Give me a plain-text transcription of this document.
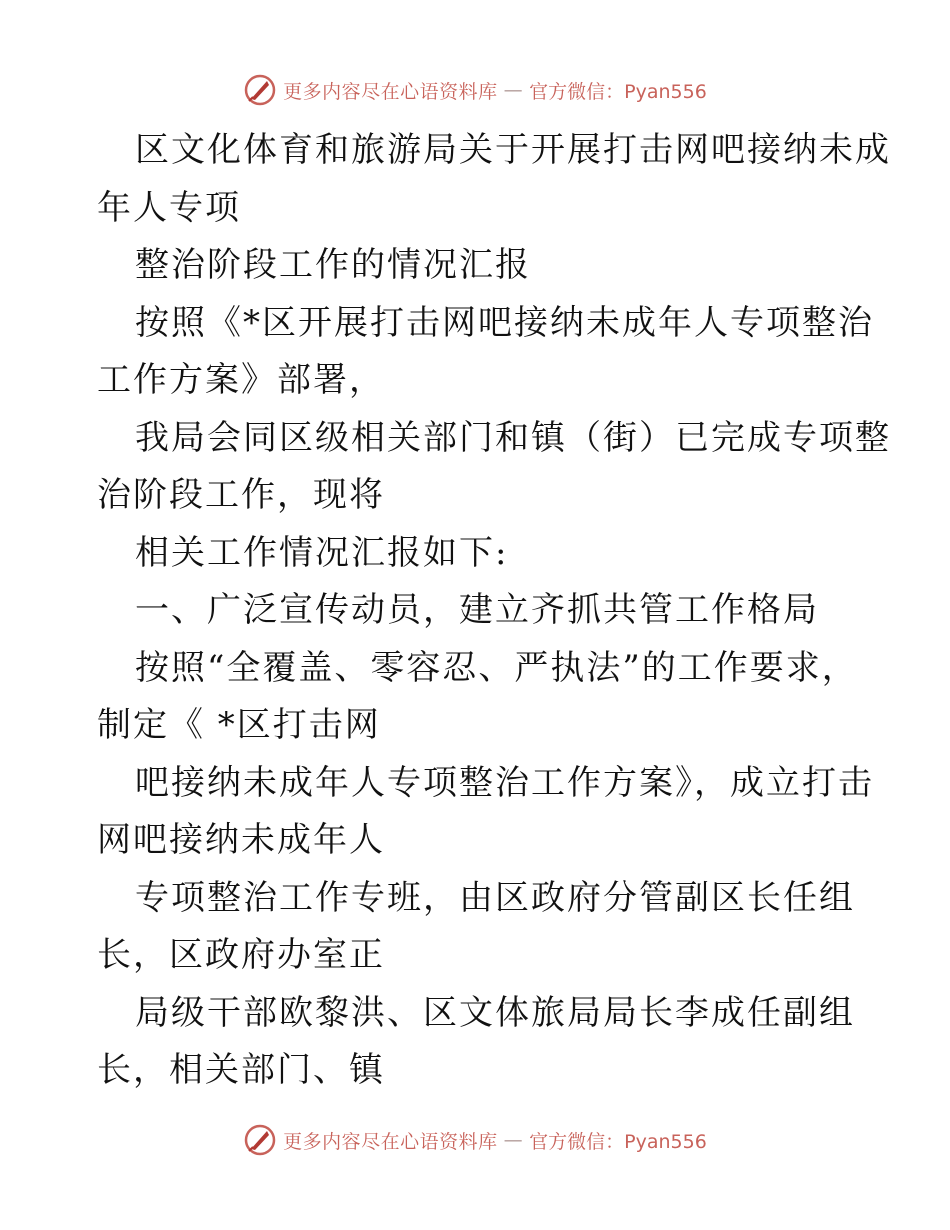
更多内容尽在心语资料库 — 官方微信：Pyan556
区文化体育和旅游局关于开展打击网吧接纳未成
年人专项
整治阶段工作的情况汇报
按照《*区开展打击网吧接纳未成年人专项整治
工作方案》部署，
我局会同区级相关部门和镇（街）已完成专项整
治阶段工作，现将
相关工作情况汇报如下:
一、广泛宣传动员，建立齐抓共管工作格局
按照“全覆盖、零容忍、严执法”的工作要求，
制定《 *区打击网
吧接纳未成年人专项整治工作方案》，成立打击
网吧接纳未成年人
专项整治工作专班，由区政府分管副区长任组
长，区政府办室正
局级干部欧黎洪、区文体旅局局长李成任副组
长，相关部门、镇
更多内容尽在心语资料库 — 官方微信：Pyan556
